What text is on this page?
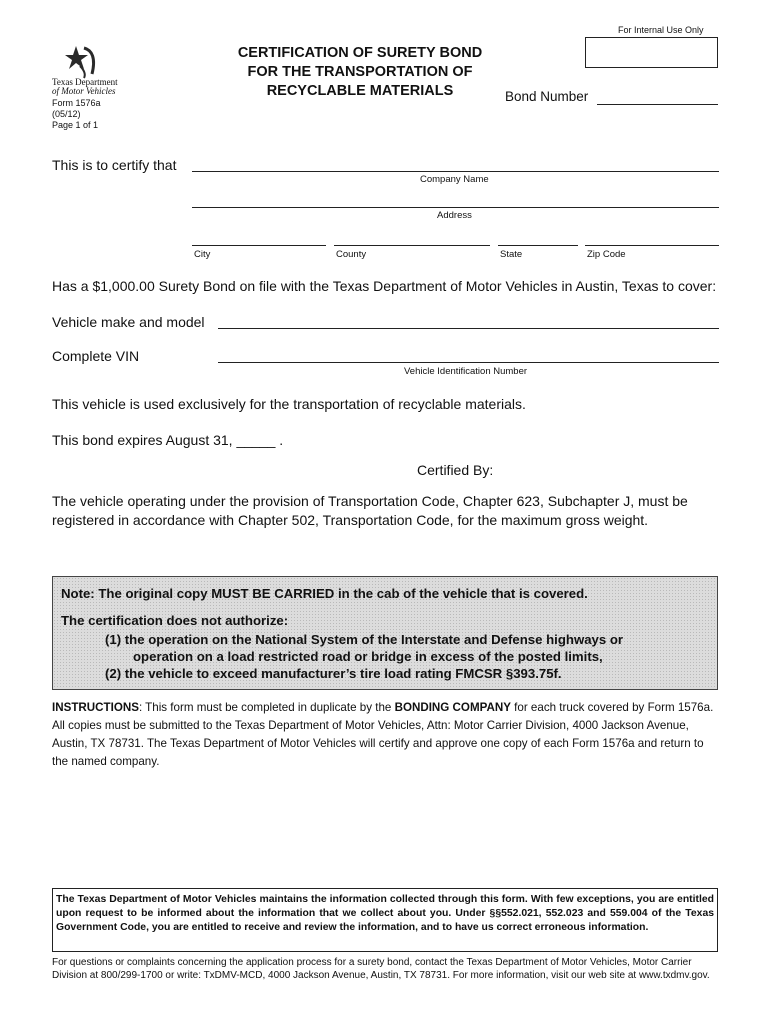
For Internal Use Only
Texas Department
of Motor Vehicles
Form 1576a
(05/12)
Page 1 of 1
CERTIFICATION OF SURETY BOND
FOR THE TRANSPORTATION OF
RECYCLABLE MATERIALS	Bond Number
This is to certify that
Company Name
Address
City	County	State	Zip Code
Has a $1,000.00 Surety Bond on file with the Texas Department of Motor Vehicles in Austin, Texas to cover:
Vehicle make and model
Complete VIN
Vehicle Identification Number
This vehicle is used exclusively for the transportation of recyclable materials.
This bond expires August 31, _____ .
Certified By:
The vehicle operating under the provision of Transportation Code, Chapter 623, Subchapter J, must be
registered in accordance with Chapter 502, Transportation Code, for the maximum gross weight.
Note: The original copy MUST BE CARRIED in the cab of the vehicle that is covered.
The certification does not authorize:
(1) the operation on the National System of the Interstate and Defense highways or
operation on a load restricted road or bridge in excess of the posted limits,
(2) the vehicle to exceed manufacturer’s tire load rating FMCSR §393.75f.
INSTRUCTIONS: This form must be completed in duplicate by the BONDING COMPANY for each truck covered by Form 1576a. All copies must be submitted to the Texas Department of Motor Vehicles, Attn: Motor Carrier Division, 4000 Jackson Avenue, Austin, TX 78731. The Texas Department of Motor Vehicles will certify and approve one copy of each Form 1576a and return to the named company.
The Texas Department of Motor Vehicles maintains the information collected through this form. With few exceptions, you are entitled upon request to be informed about the information that we collect about you. Under §§552.021, 552.023 and 559.004 of the Texas Government Code, you are entitled to receive and review the information, and to have us correct erroneous information.
For questions or complaints concerning the application process for a surety bond, contact the Texas Department of Motor Vehicles, Motor Carrier Division at 800/299-1700 or write: TxDMV-MCD, 4000 Jackson Avenue, Austin, TX 78731. For more information, visit our web site at www.txdmv.gov.
